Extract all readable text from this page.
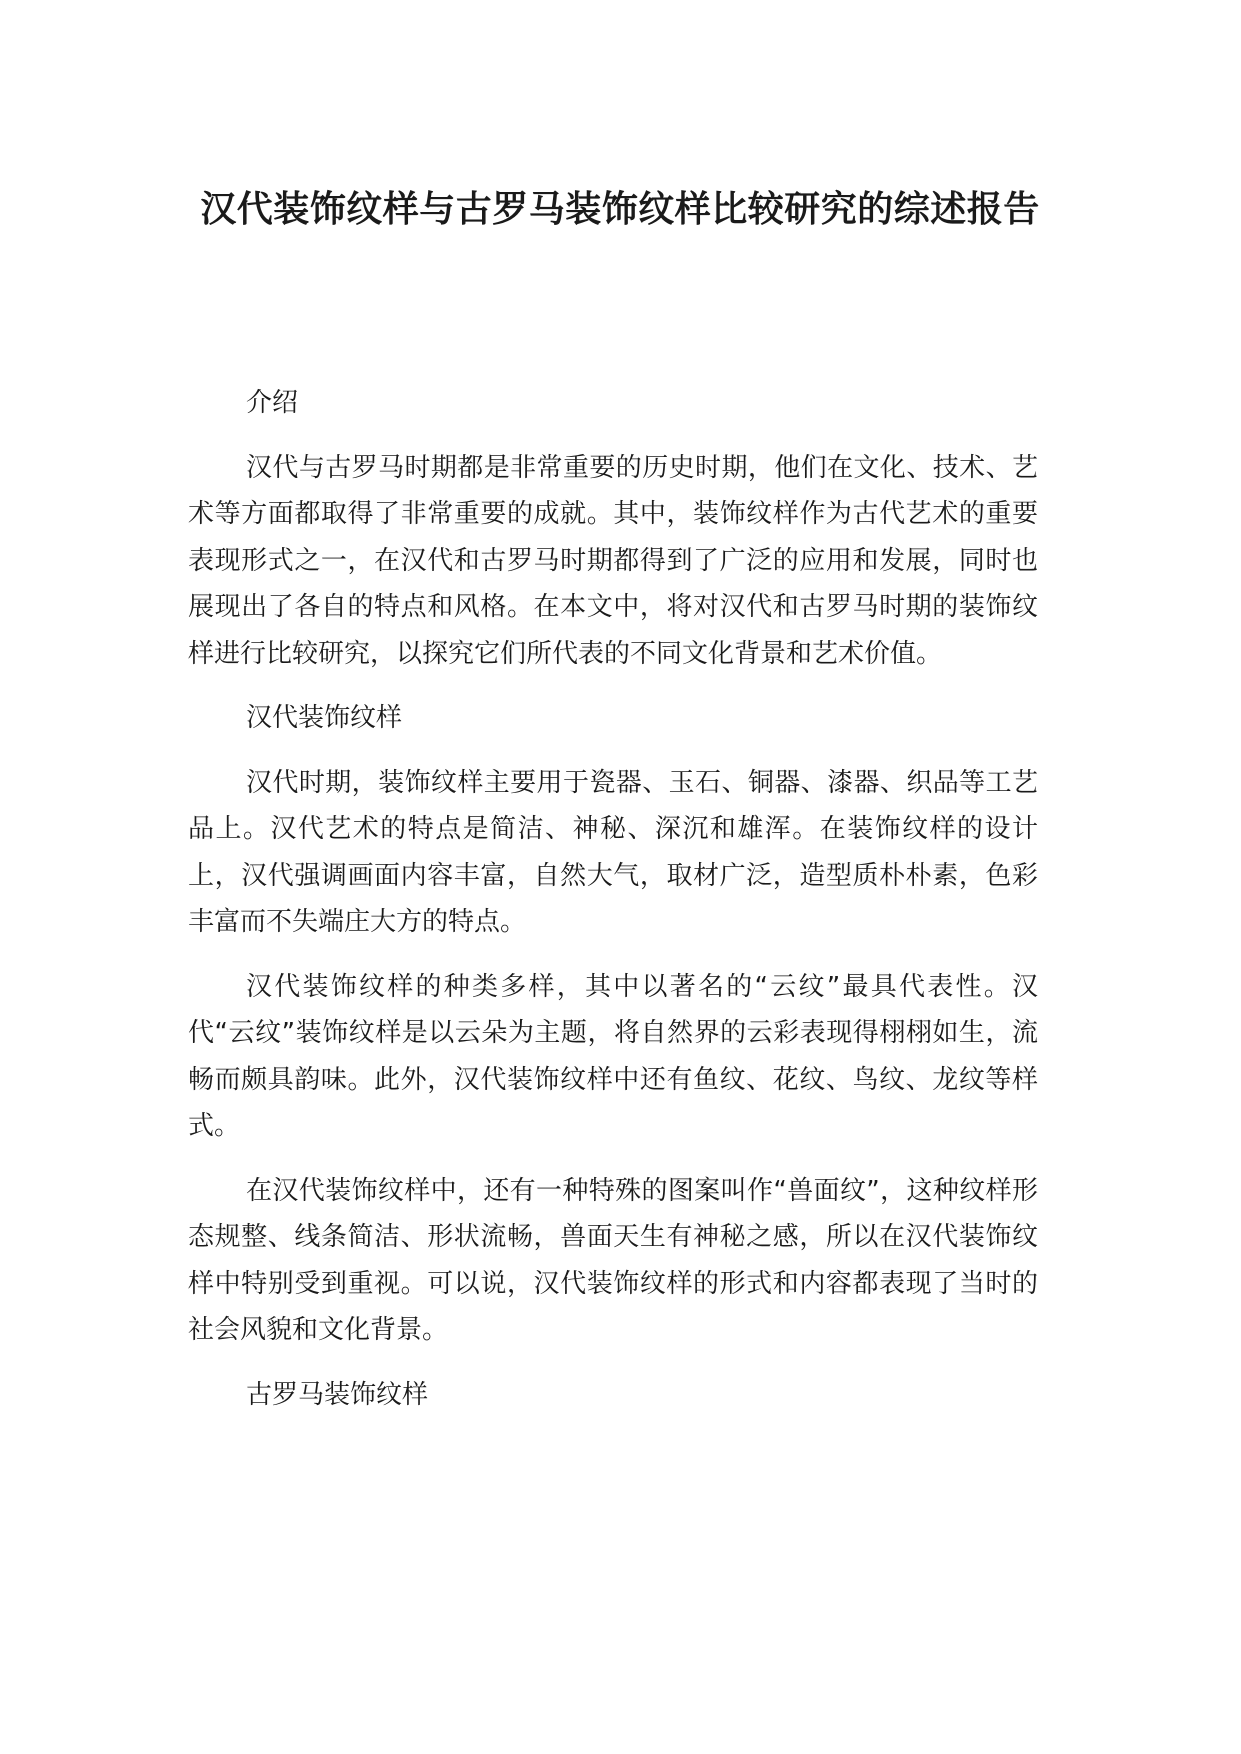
汉代装饰纹样与古罗马装饰纹样比较研究的综述报告

介绍

汉代与古罗马时期都是非常重要的历史时期，他们在文化、技术、艺术等方面都取得了非常重要的成就。其中，装饰纹样作为古代艺术的重要表现形式之一，在汉代和古罗马时期都得到了广泛的应用和发展，同时也展现出了各自的特点和风格。在本文中，将对汉代和古罗马时期的装饰纹样进行比较研究，以探究它们所代表的不同文化背景和艺术价值。

汉代装饰纹样

汉代时期，装饰纹样主要用于瓷器、玉石、铜器、漆器、织品等工艺品上。汉代艺术的特点是简洁、神秘、深沉和雄浑。在装饰纹样的设计上，汉代强调画面内容丰富，自然大气，取材广泛，造型质朴朴素，色彩丰富而不失端庄大方的特点。

汉代装饰纹样的种类多样，其中以著名的“云纹”最具代表性。汉代“云纹”装饰纹样是以云朵为主题，将自然界的云彩表现得栩栩如生，流畅而颇具韵味。此外，汉代装饰纹样中还有鱼纹、花纹、鸟纹、龙纹等样式。

在汉代装饰纹样中，还有一种特殊的图案叫作“兽面纹”，这种纹样形态规整、线条简洁、形状流畅，兽面天生有神秘之感，所以在汉代装饰纹样中特别受到重视。可以说，汉代装饰纹样的形式和内容都表现了当时的社会风貌和文化背景。

古罗马装饰纹样
